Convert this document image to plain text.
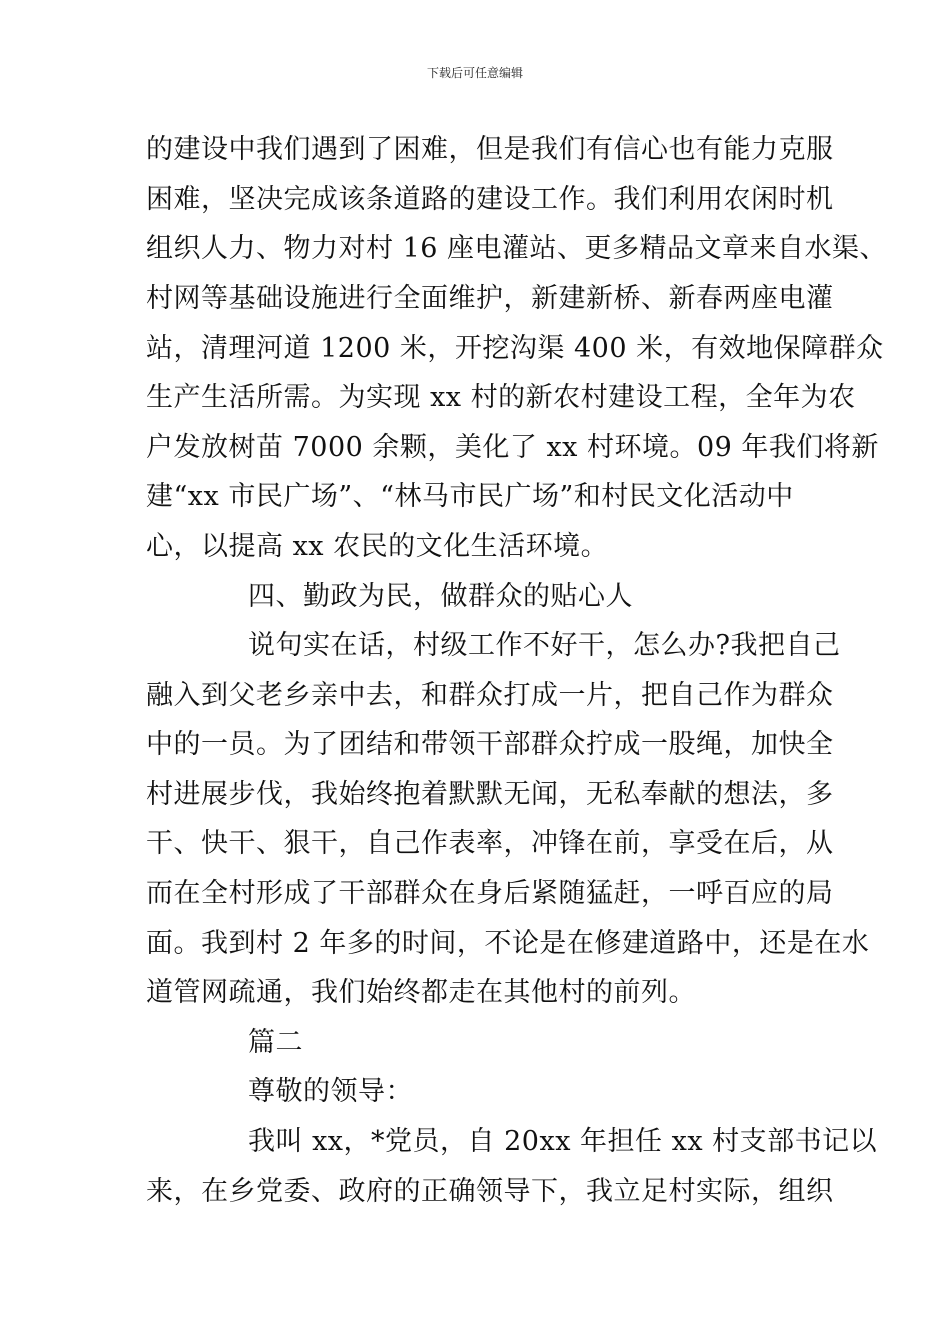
下载后可任意编辑
的建设中我们遇到了困难，但是我们有信心也有能力克服
困难，坚决完成该条道路的建设工作。我们利用农闲时机
组织人力、物力对村 16 座电灌站、更多精品文章来自水渠、
村网等基础设施进行全面维护，新建新桥、新春两座电灌
站，清理河道 1200 米，开挖沟渠 400 米，有效地保障群众
生产生活所需。为实现 xx 村的新农村建设工程，全年为农
户发放树苗 7000 余颗，美化了 xx 村环境。09 年我们将新
建“xx 市民广场”、“林马市民广场”和村民文化活动中
心，以提高 xx 农民的文化生活环境。
四、勤政为民，做群众的贴心人
说句实在话，村级工作不好干，怎么办?我把自己
融入到父老乡亲中去，和群众打成一片，把自己作为群众
中的一员。为了团结和带领干部群众拧成一股绳，加快全
村进展步伐，我始终抱着默默无闻，无私奉献的想法，多
干、快干、狠干，自己作表率，冲锋在前，享受在后，从
而在全村形成了干部群众在身后紧随猛赶，一呼百应的局
面。我到村 2 年多的时间，不论是在修建道路中，还是在水
道管网疏通，我们始终都走在其他村的前列。
篇二
尊敬的领导：
我叫 xx，*党员，自 20xx 年担任 xx 村支部书记以
来，在乡党委、政府的正确领导下，我立足村实际，组织
